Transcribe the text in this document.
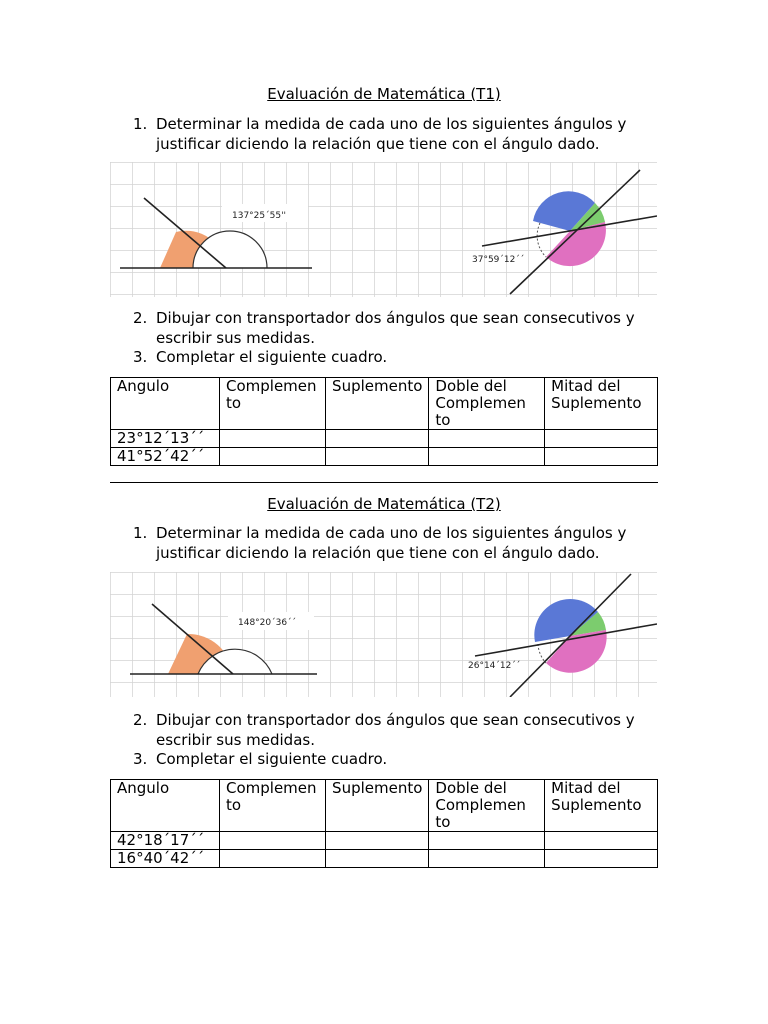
Evaluación de Matemática (T1)
1. Determinar la medida de cada uno de los siguientes ángulos y justificar diciendo la relación que tiene con el ángulo dado.
137°25´55''
37°59´12´´
2. Dibujar con transportador dos ángulos que sean consecutivos y escribir sus medidas.
3. Completar el siguiente cuadro.
Angulo	Complemen to	Suplemento	Doble del Complemen to	Mitad del Suplemento
23°12´13´´				
41°52´42´´				
Evaluación de Matemática (T2)
1. Determinar la medida de cada uno de los siguientes ángulos y justificar diciendo la relación que tiene con el ángulo dado.
148°20´36´´
26°14´12´´
2. Dibujar con transportador dos ángulos que sean consecutivos y escribir sus medidas.
3. Completar el siguiente cuadro.
Angulo	Complemen to	Suplemento	Doble del Complemen to	Mitad del Suplemento
42°18´17´´				
16°40´42´´				
